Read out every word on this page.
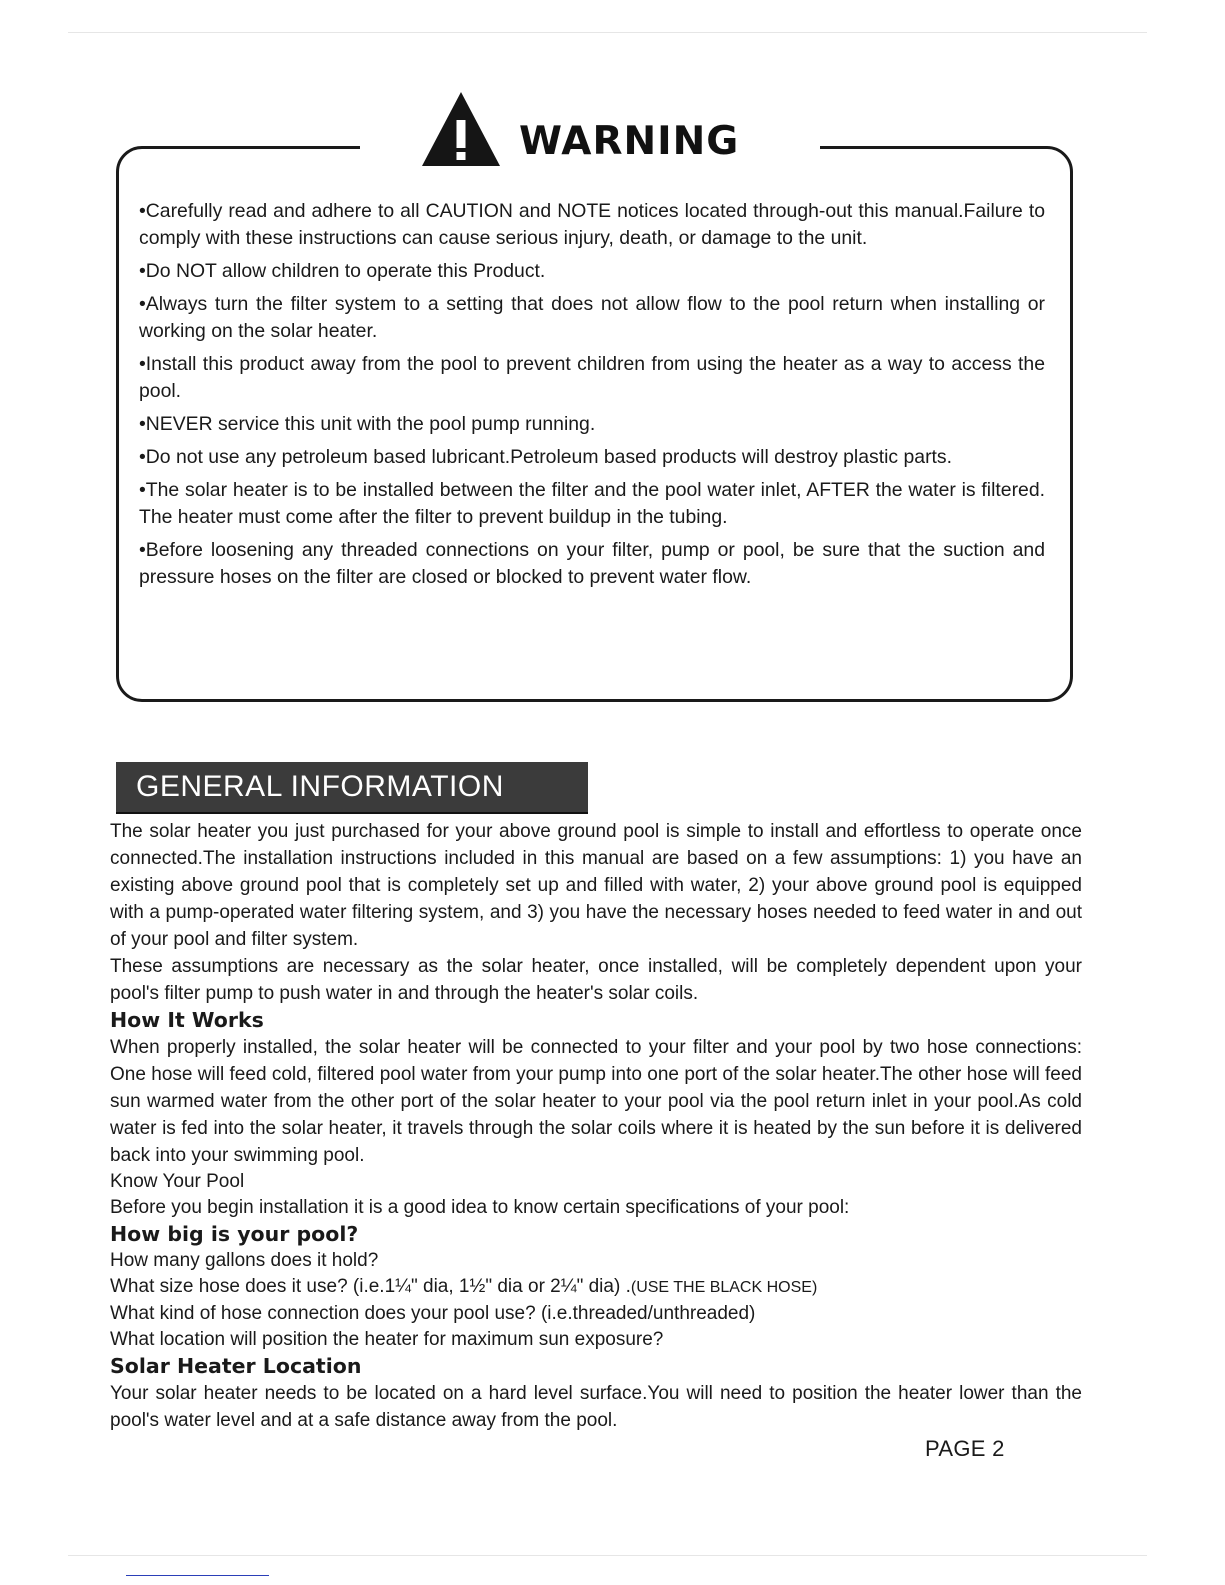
WARNING

•Carefully read and adhere to all CAUTION and NOTE notices located through-out this manual.Failure to comply with these instructions can cause serious injury, death, or damage to the unit.

•Do NOT allow children to operate this Product.

•Always turn the filter system to a setting that does not allow flow to the pool return when installing or working on the solar heater.

•Install this product away from the pool to prevent children from using the heater as a way to access the pool.

•NEVER service this unit with the pool pump running.

•Do not use any petroleum based lubricant.Petroleum based products will destroy plastic parts.

•The solar heater is to be installed between the filter and the pool water inlet, AFTER the water is filtered. The heater must come after the filter to prevent buildup in the tubing.

•Before loosening any threaded connections on your filter, pump or pool, be sure that the suction and pressure hoses on the filter are closed or blocked to prevent water flow.

GENERAL INFORMATION

The solar heater you just purchased for your above ground pool is simple to install and effortless to operate once connected.The installation instructions included in this manual are based on a few assumptions: 1) you have an existing above ground pool that is completely set up and filled with water, 2) your above ground pool is equipped with a pump-operated water filtering system, and 3) you have the necessary hoses needed to feed water in and out of your pool and filter system.

These assumptions are necessary as the solar heater, once installed, will be completely dependent upon your pool's filter pump to push water in and through the heater's solar coils.

How It Works

When properly installed, the solar heater will be connected to your filter and your pool by two hose connections: One hose will feed cold, filtered pool water from your pump into one port of the solar heater.The other hose will feed sun warmed water from the other port of the solar heater to your pool via the pool return inlet in your pool.As cold water is fed into the solar heater, it travels through the solar coils where it is heated by the sun before it is delivered back into your swimming pool.

Know Your Pool

Before you begin installation it is a good idea to know certain specifications of your pool:

How big is your pool?

How many gallons does it hold?

What size hose does it use? (i.e.1¼" dia, 1½" dia or 2¼" dia) .(USE THE BLACK HOSE)

What kind of hose connection does your pool use? (i.e.threaded/unthreaded)

What location will position the heater for maximum sun exposure?

Solar Heater Location

Your solar heater needs to be located on a hard level surface.You will need to position the heater lower than the pool's water level and at a safe distance away from the pool.

PAGE 2
